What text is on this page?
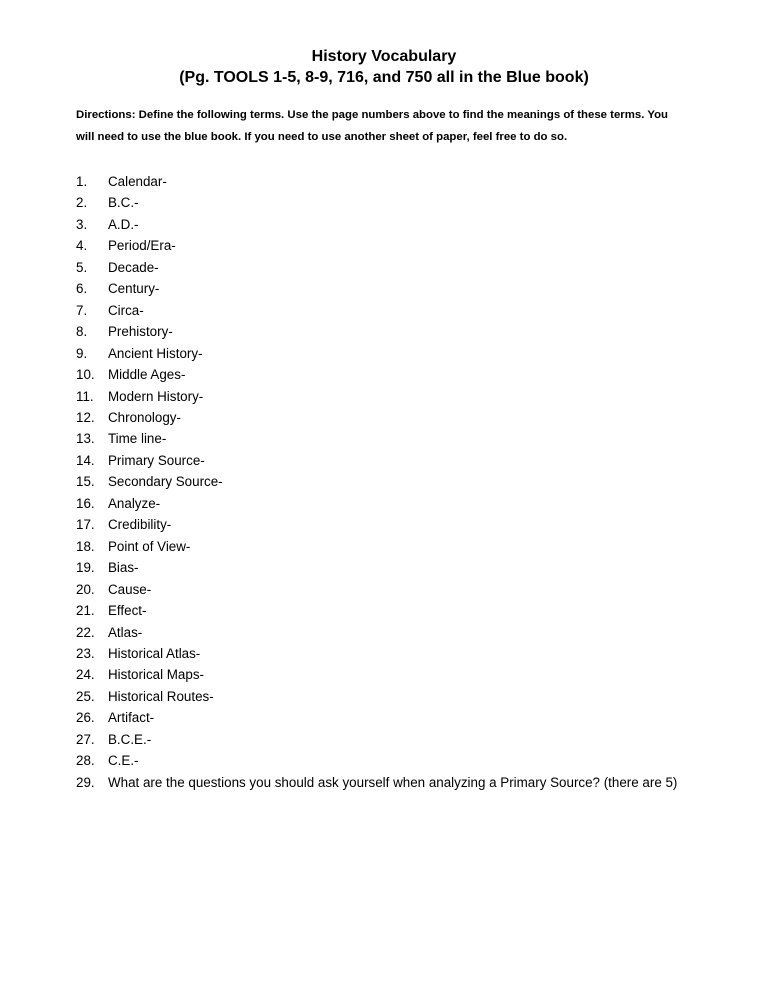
History Vocabulary
(Pg. TOOLS 1-5, 8-9, 716, and 750 all in the Blue book)
Directions: Define the following terms. Use the page numbers above to find the meanings of these terms. You will need to use the blue book. If you need to use another sheet of paper, feel free to do so.
1.	Calendar-
2.	B.C.-
3.	A.D.-
4.	Period/Era-
5.	Decade-
6.	Century-
7.	Circa-
8.	Prehistory-
9.	Ancient History-
10. Middle Ages-
11.	Modern History-
12. Chronology-
13. Time line-
14. Primary Source-
15. Secondary Source-
16. Analyze-
17. Credibility-
18. Point of View-
19. Bias-
20. Cause-
21. Effect-
22. Atlas-
23. Historical Atlas-
24. Historical Maps-
25. Historical Routes-
26. Artifact-
27. B.C.E.-
28. C.E.-
29. What are the questions you should ask yourself when analyzing a Primary Source? (there are 5)
